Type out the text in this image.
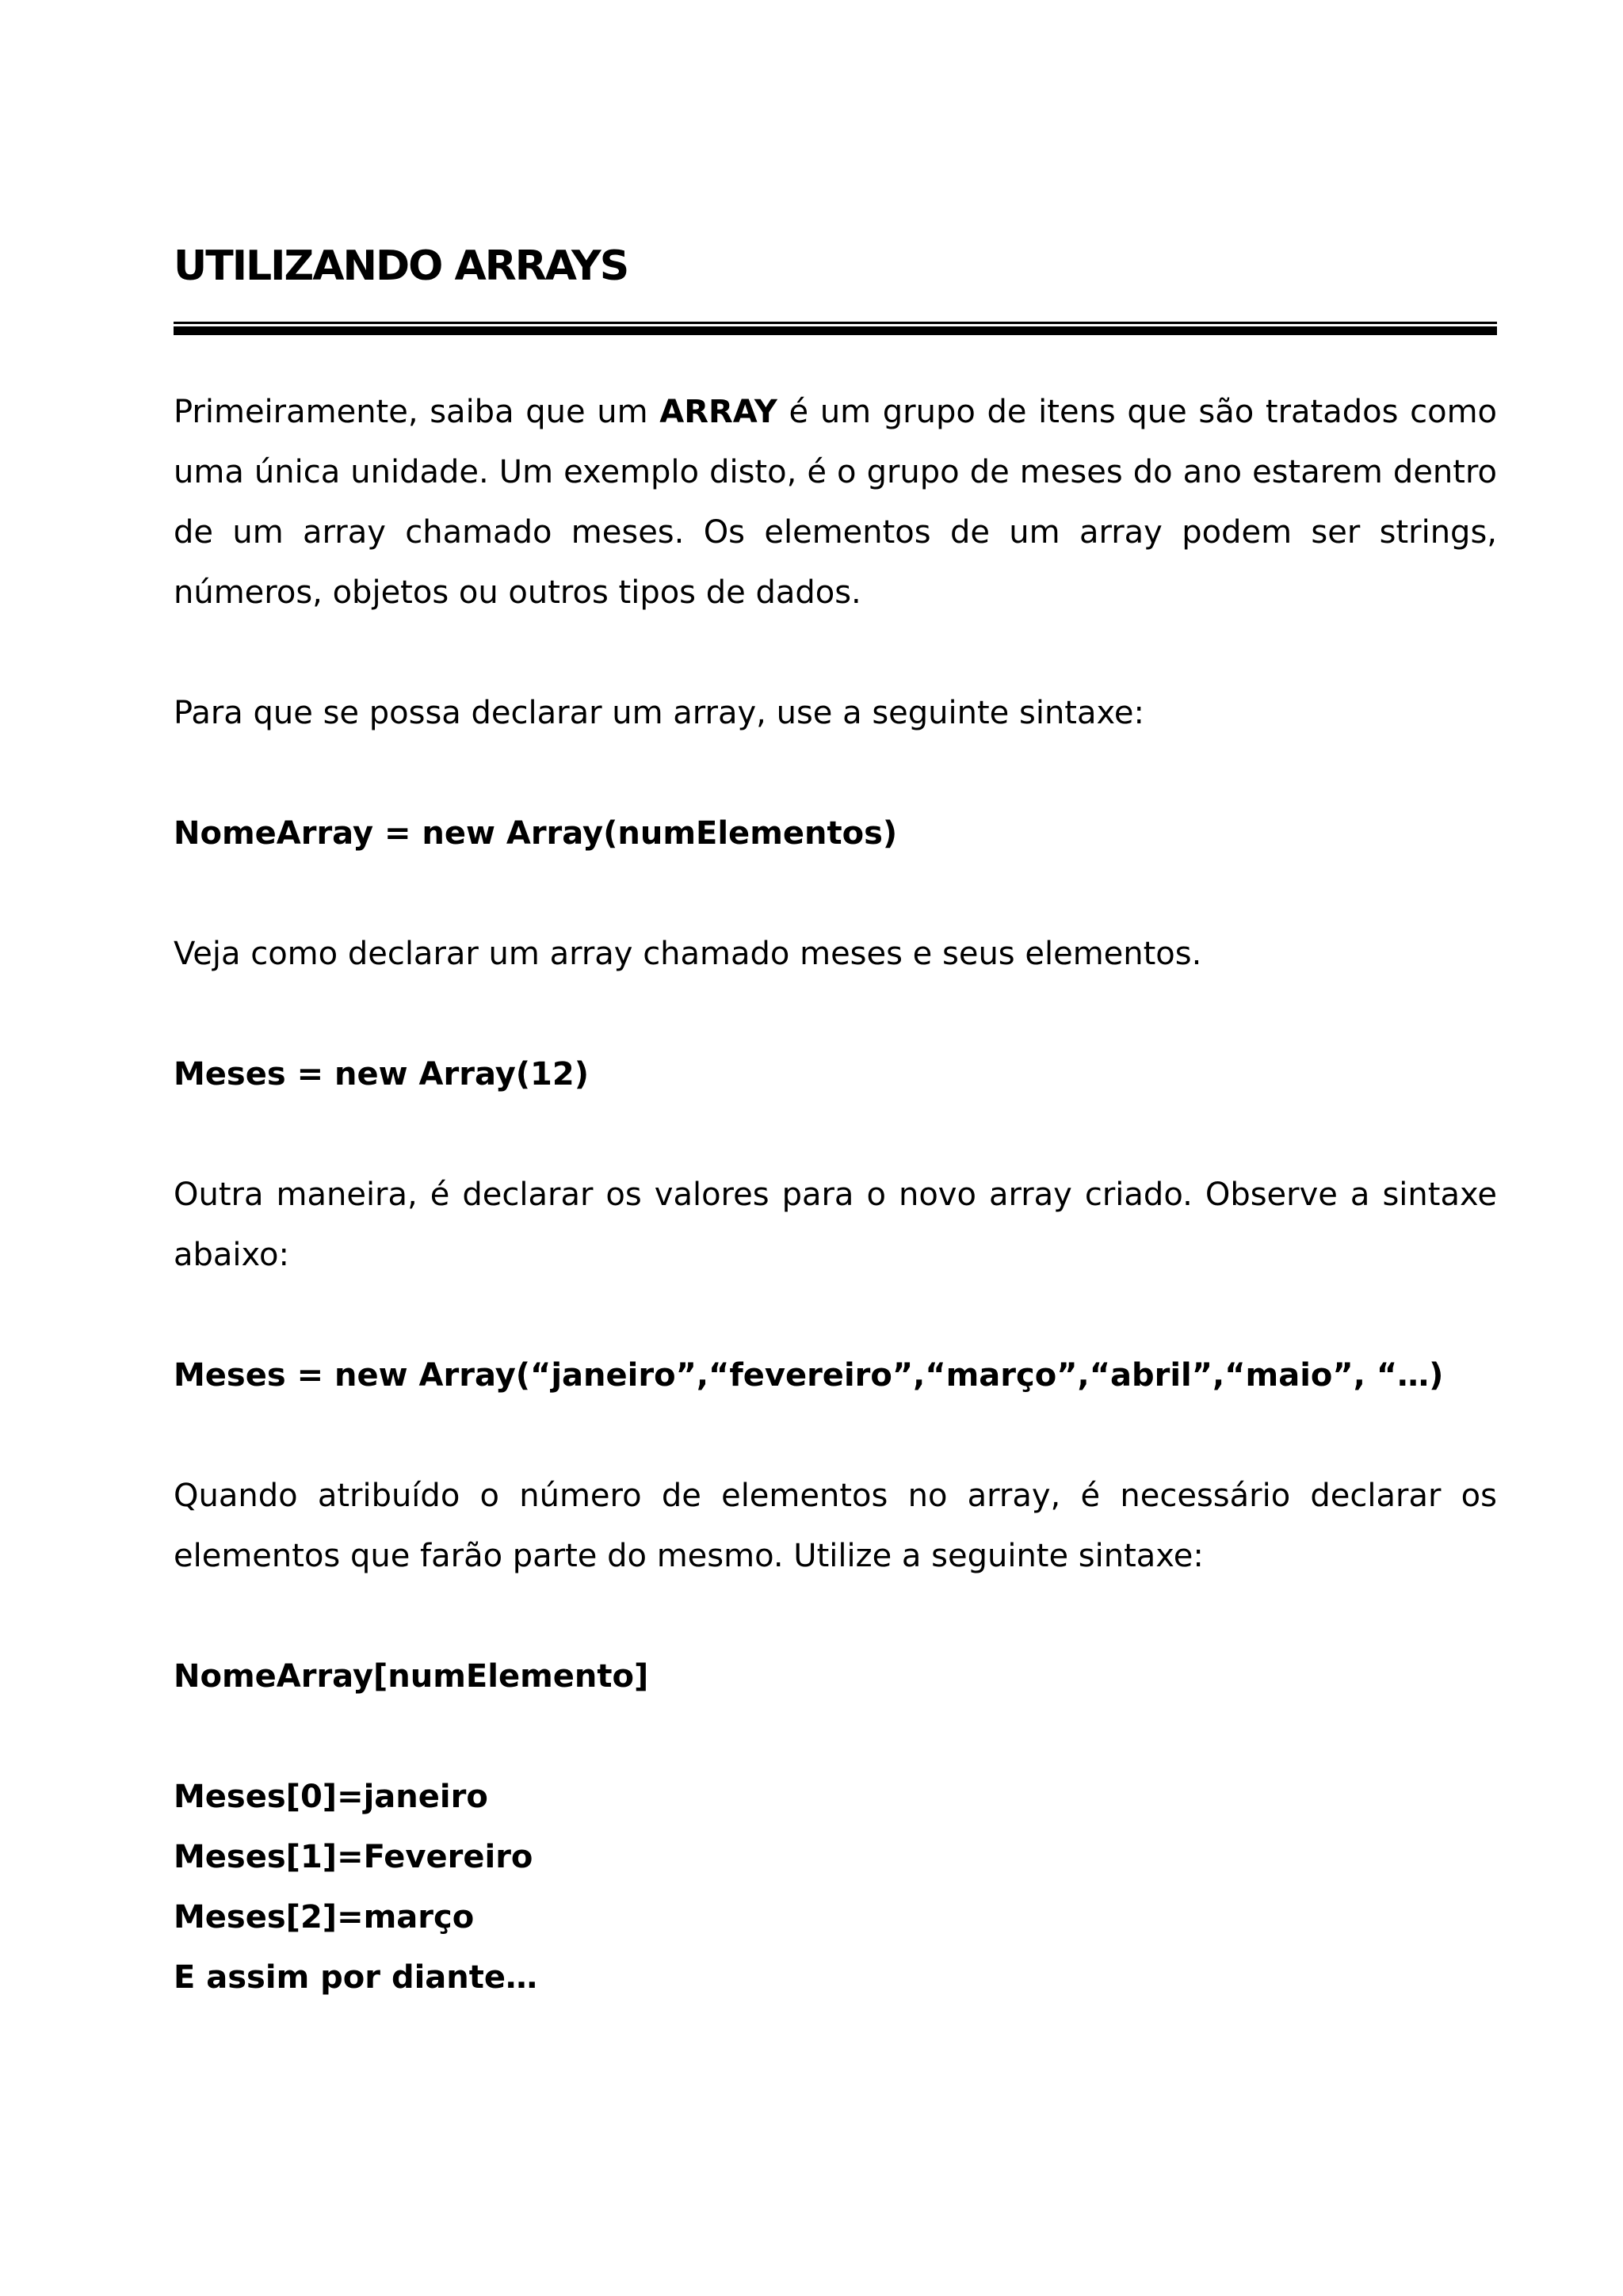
UTILIZANDO ARRAYS

Primeiramente, saiba que um ARRAY é um grupo de itens que são tratados como uma única unidade. Um exemplo disto, é o grupo de meses do ano estarem dentro de um array chamado meses. Os elementos de um array podem ser strings, números, objetos ou outros tipos de dados.

Para que se possa declarar um array, use a seguinte sintaxe:

NomeArray = new Array(numElementos)

Veja como declarar um array chamado meses e seus elementos.

Meses = new Array(12)

Outra maneira, é declarar os valores para o novo array criado. Observe a sintaxe abaixo:

Meses = new Array(“janeiro”,“fevereiro”,“março”,“abril”,“maio”, “…)

Quando atribuído o número de elementos no array, é necessário declarar os elementos que farão parte do mesmo. Utilize a seguinte sintaxe:

NomeArray[numElemento]

Meses[0]=janeiro

Meses[1]=Fevereiro

Meses[2]=março

E assim por diante…
